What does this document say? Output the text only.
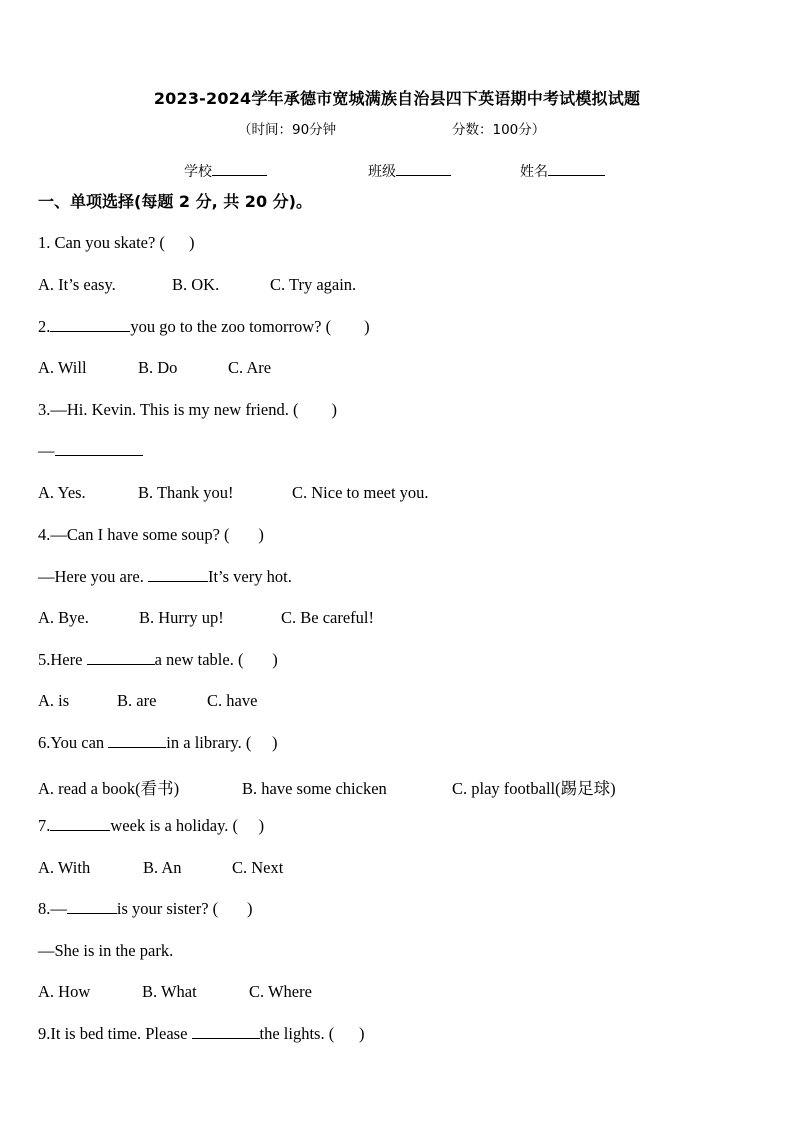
2023-2024学年承德市宽城满族自治县四下英语期中考试模拟试题
（时间：90分钟	分数：100分）
学校	班级	姓名
一、单项选择(每题 2 分, 共 20 分)。
1. Can you skate? ( )
A. It’s easy.	B. OK.	C. Try again.
2.	you go to the zoo tomorrow? (        )
A. Will	B. Do	C. Are
3.—Hi. Kevin. This is my new friend. (        )
—
A. Yes.	B. Thank you!	C. Nice to meet you.
4.—Can I have some soup? (       )
—Here you are.	It’s very hot.
A. Bye.	B. Hurry up!	C. Be careful!
5.Here	a new table. (       )
A. is	B. are	C. have
6.You can	in a library. (     )
A. read a book(看书)	B. have some chicken	C. play football(踢足球)
7.	week is a holiday. (     )
A. With	B. An	C. Next
8.—	is your sister? (       )
—She is in the park.
A. How	B. What	C. Where
9.It is bed time. Please	the lights. (      )
